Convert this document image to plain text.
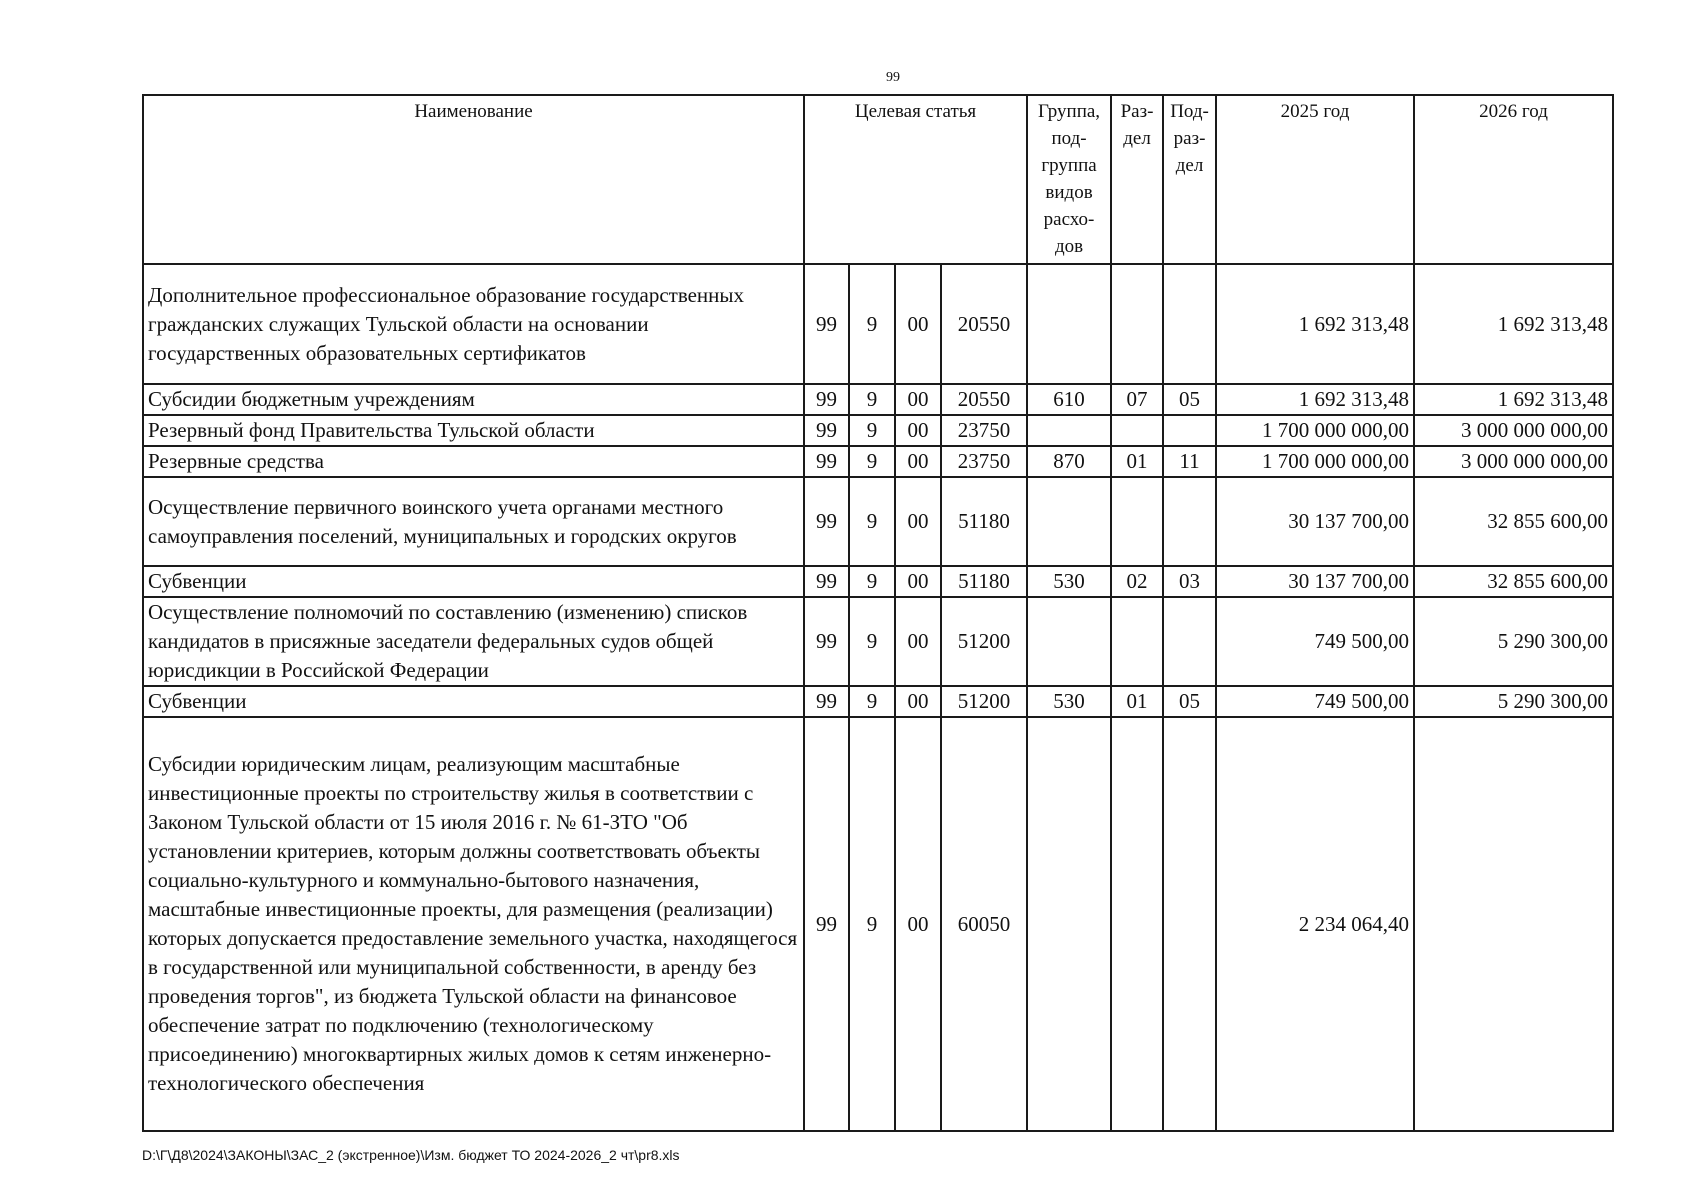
99
Наименование	Целевая статья				Группа, под-группа видов расхо-дов	Раз-дел	Под-раз-дел	2025 год	2026 год
Дополнительное профессиональное образование государственных гражданских служащих Тульской области на основании государственных образовательных сертификатов	99	9	00	20550				1 692 313,48	1 692 313,48
Субсидии бюджетным учреждениям	99	9	00	20550	610	07	05	1 692 313,48	1 692 313,48
Резервный фонд Правительства Тульской области	99	9	00	23750				1 700 000 000,00	3 000 000 000,00
Резервные средства	99	9	00	23750	870	01	11	1 700 000 000,00	3 000 000 000,00
Осуществление первичного воинского учета органами местного самоуправления поселений, муниципальных и городских округов	99	9	00	51180				30 137 700,00	32 855 600,00
Субвенции	99	9	00	51180	530	02	03	30 137 700,00	32 855 600,00
Осуществление полномочий по составлению (изменению) списков кандидатов в присяжные заседатели федеральных судов общей юрисдикции в Российской Федерации	99	9	00	51200				749 500,00	5 290 300,00
Субвенции	99	9	00	51200	530	01	05	749 500,00	5 290 300,00
Субсидии юридическим лицам, реализующим масштабные инвестиционные проекты по строительству жилья в соответствии с Законом Тульской области от 15 июля 2016 г. № 61-ЗТО "Об установлении критериев, которым должны соответствовать объекты социально-культурного и коммунально-бытового назначения, масштабные инвестиционные проекты, для размещения (реализации) которых допускается предоставление земельного участка, находящегося в государственной или муниципальной собственности, в аренду без проведения торгов", из бюджета Тульской области на финансовое обеспечение затрат по подключению (технологическому присоединению) многоквартирных жилых домов к сетям инженерно-технологического обеспечения	99	9	00	60050				2 234 064,40	
D:\Г\Д8\2024\ЗАКОНЫ\ЗАС_2 (экстренное)\Изм. бюджет ТО 2024-2026_2 чт\pr8.xls
